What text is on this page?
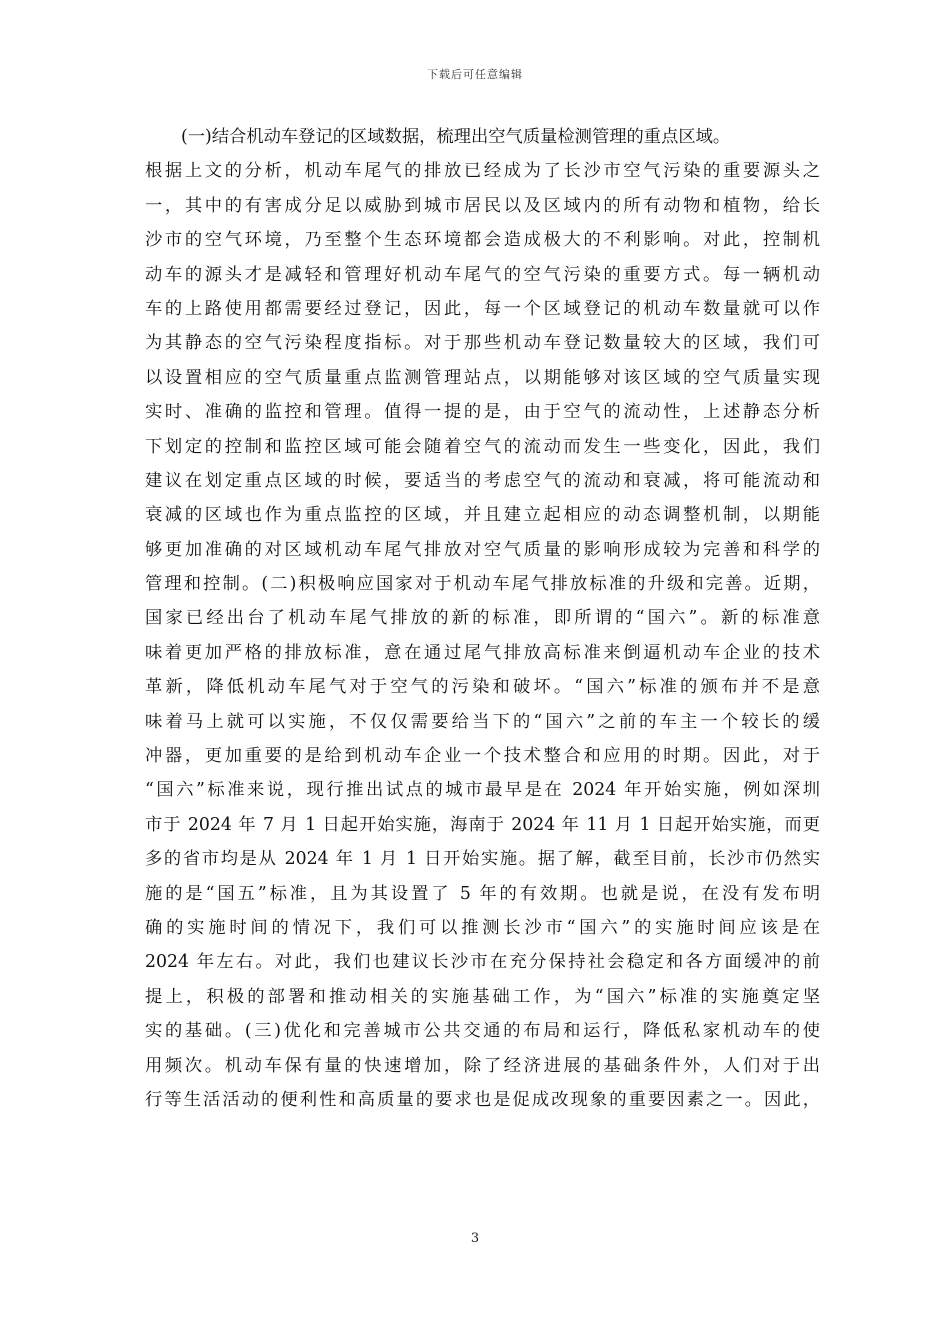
下载后可任意编辑
(一)结合机动车登记的区域数据，梳理出空气质量检测管理的重点区域。
根据上文的分析，机动车尾气的排放已经成为了长沙市空气污染的重要源头之
一，其中的有害成分足以威胁到城市居民以及区域内的所有动物和植物，给长
沙市的空气环境，乃至整个生态环境都会造成极大的不利影响。对此，控制机
动车的源头才是减轻和管理好机动车尾气的空气污染的重要方式。每一辆机动
车的上路使用都需要经过登记，因此，每一个区域登记的机动车数量就可以作
为其静态的空气污染程度指标。对于那些机动车登记数量较大的区域，我们可
以设置相应的空气质量重点监测管理站点，以期能够对该区域的空气质量实现
实时、准确的监控和管理。值得一提的是，由于空气的流动性，上述静态分析
下划定的控制和监控区域可能会随着空气的流动而发生一些变化，因此，我们
建议在划定重点区域的时候，要适当的考虑空气的流动和衰减，将可能流动和
衰减的区域也作为重点监控的区域，并且建立起相应的动态调整机制，以期能
够更加准确的对区域机动车尾气排放对空气质量的影响形成较为完善和科学的
管理和控制。(二)积极响应国家对于机动车尾气排放标准的升级和完善。近期，
国家已经出台了机动车尾气排放的新的标准，即所谓的“国六”。新的标准意
味着更加严格的排放标准，意在通过尾气排放高标准来倒逼机动车企业的技术
革新，降低机动车尾气对于空气的污染和破坏。“国六”标准的颁布并不是意
味着马上就可以实施，不仅仅需要给当下的“国六”之前的车主一个较长的缓
冲器，更加重要的是给到机动车企业一个技术整合和应用的时期。因此，对于
“国六”标准来说，现行推出试点的城市最早是在 2024 年开始实施，例如深圳
市于 2024 年 7 月 1 日起开始实施，海南于 2024 年 11 月 1 日起开始实施，而更
多的省市均是从 2024 年 1 月 1 日开始实施。据了解，截至目前，长沙市仍然实
施的是“国五”标准，且为其设置了 5 年的有效期。也就是说，在没有发布明
确的实施时间的情况下，我们可以推测长沙市“国六”的实施时间应该是在
2024 年左右。对此，我们也建议长沙市在充分保持社会稳定和各方面缓冲的前
提上，积极的部署和推动相关的实施基础工作，为“国六”标准的实施奠定坚
实的基础。(三)优化和完善城市公共交通的布局和运行，降低私家机动车的使
用频次。机动车保有量的快速增加，除了经济进展的基础条件外，人们对于出
行等生活活动的便利性和高质量的要求也是促成改现象的重要因素之一。因此，
3
